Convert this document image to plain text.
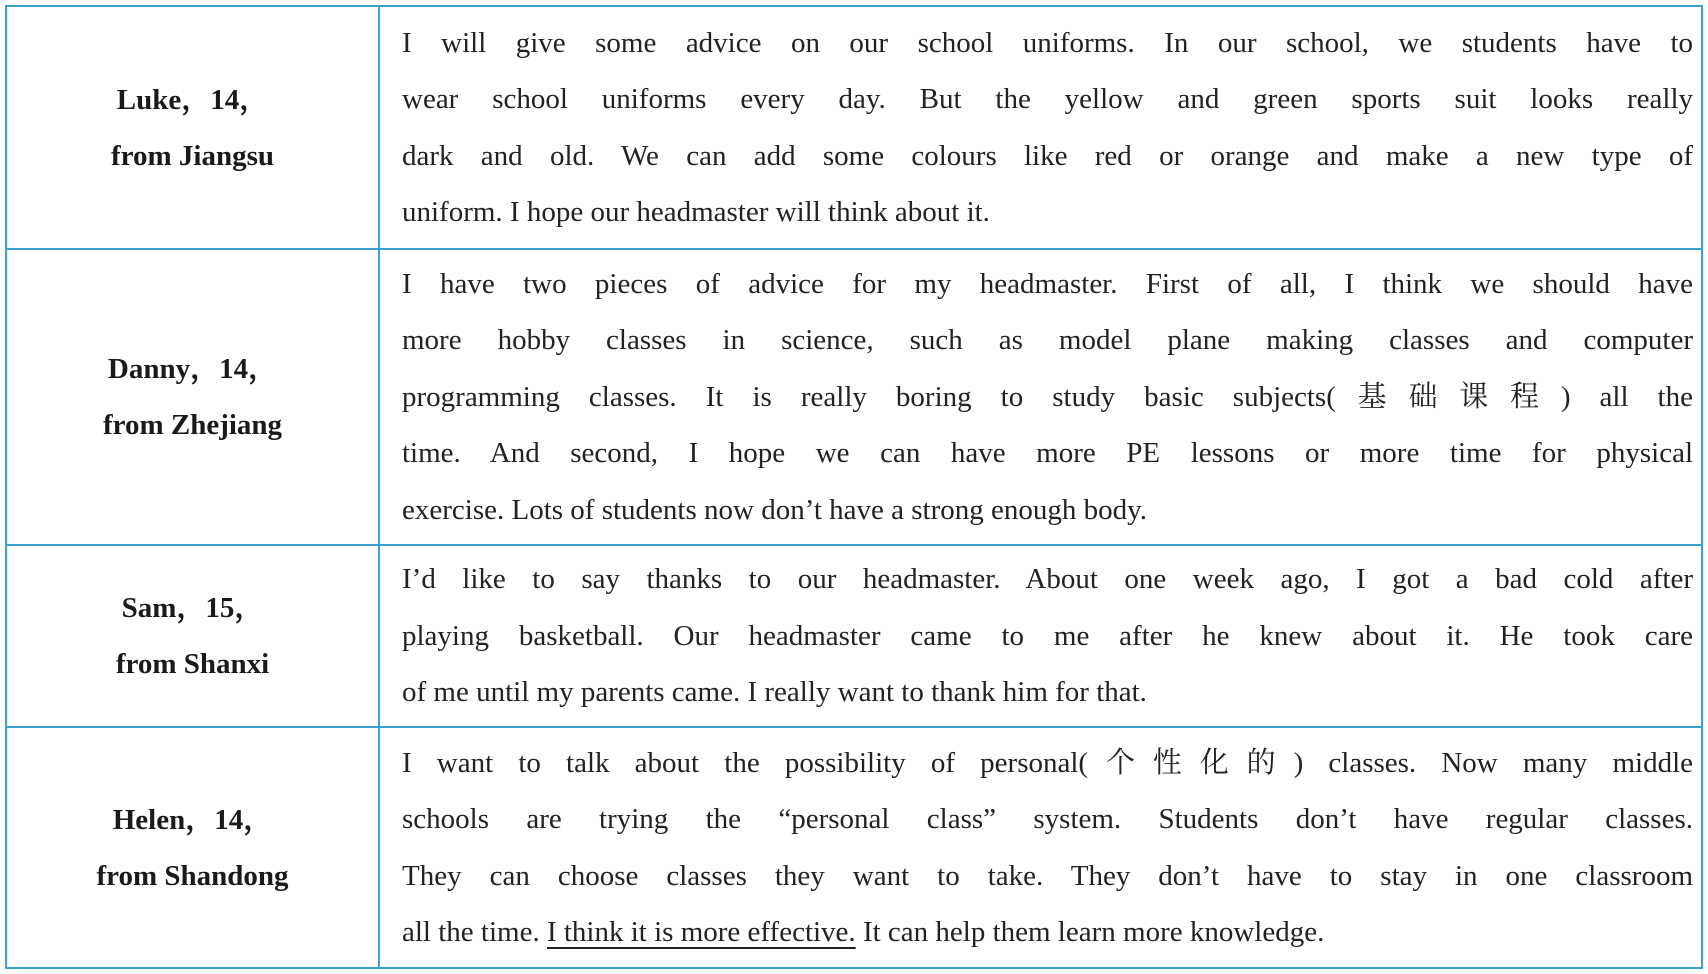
Luke，14，
from Jiangsu

I will give some advice on our school uniforms. In our school, we students have to

wear school uniforms every day. But the yellow and green sports suit looks really

dark and old. We can add some colours like red or orange and make a new type of

uniform. I hope our headmaster will think about it.

Danny，14，
from Zhejiang

I have two pieces of advice for my headmaster. First of all, I think we should have

more hobby classes in science, such as model plane making classes and computer

programming classes. It is really boring to study basic subjects(基础课程) all the

time. And second, I hope we can have more PE lessons or more time for physical

exercise. Lots of students now don’t have a strong enough body.

Sam，15，
from Shanxi

I’d like to say thanks to our headmaster. About one week ago, I got a bad cold after

playing basketball. Our headmaster came to me after he knew about it. He took care

of me until my parents came. I really want to thank him for that.

Helen，14，
from Shandong

I want to talk about the possibility of personal(个性化的) classes. Now many middle

schools are trying the “personal class” system. Students don’t have regular classes.

They can choose classes they want to take. They don’t have to stay in one classroom

all the time. I think it is more effective. It can help them learn more knowledge.
